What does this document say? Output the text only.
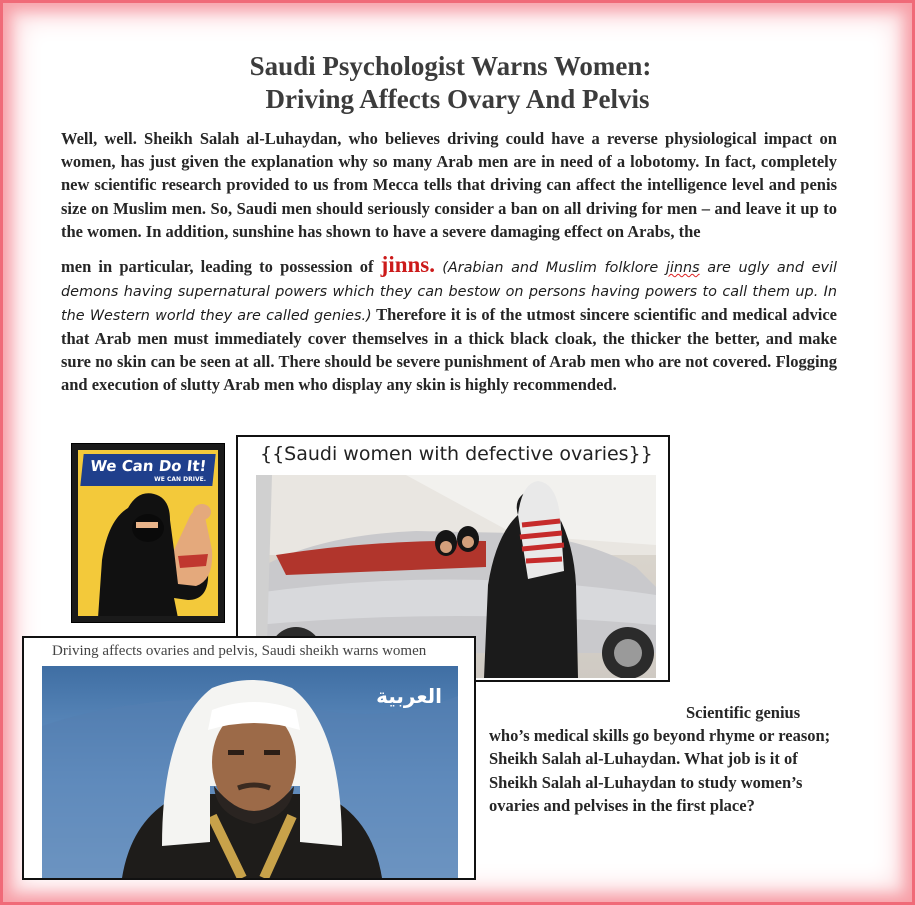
Saudi Psychologist Warns Women:
Driving Affects Ovary And Pelvis

Well, well. Sheikh Salah al-Luhaydan, who believes driving could have a reverse physiological impact on women, has just given the explanation why so many Arab men are in need of a lobotomy. In fact, completely new scientific research provided to us from Mecca tells that driving can affect the intelligence level and penis size on Muslim men. So, Saudi men should seriously consider a ban on all driving for men – and leave it up to the women. In addition, sunshine has shown to have a severe damaging effect on Arabs, the

men in particular, leading to possession of jinns. (Arabian and Muslim folklore jinns are ugly and evil demons having supernatural powers which they can bestow on persons having powers to call them up. In the Western world they are called genies.) Therefore it is of the utmost sincere scientific and medical advice that Arab men must immediately cover themselves in a thick black cloak, the thicker the better, and make sure no skin can be seen at all. There should be severe punishment of Arab men who are not covered. Flogging and execution of slutty Arab men who display any skin is highly recommended.

We Can Do It!
WE CAN DRIVE.
{{Saudi women with defective ovaries}}
Driving affects ovaries and pelvis, Saudi sheikh warns women
العربية
Scientific genius
who’s medical skills go beyond rhyme or reason; Sheikh Salah al-Luhaydan. What job is it of Sheikh Salah al-Luhaydan to study women’s ovaries and pelvises in the first place?
